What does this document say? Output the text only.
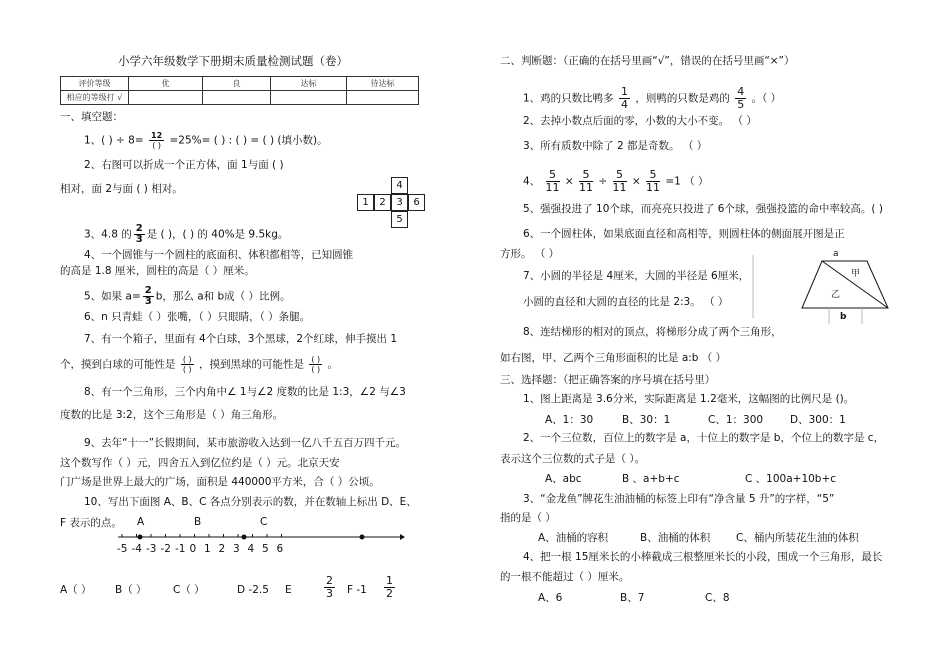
小学六年级数学下册期末质量检测试题（卷）
评价等级	优	良	达标	待达标
相应的等级打 √				
一、填空题：
1、( ) ÷ $8= \frac{12}{( )} =25\%=$ ( ) : ( ) = ( ) (填小数)。
2、右图可以折成一个正方体，面 1与面 ( )
相对，面 2与面 ( ) 相对。	4
1	2	3	6
5
3、4.8 的 $\frac{2}{3}$ 是 ( )，( ) 的 40%是 9.5kg。
4、一个圆锥与一个圆柱的底面积、体积都相等，已知圆锥
的高是 1.8 厘米，圆柱的高是（ ）厘米。
5、如果 $a= \frac{2}{3}$ b，那么 a和 b成（ ）比例。
6、n 只青蛙（ ）张嘴，（ ）只眼睛，（ ）条腿。
7、有一个箱子，里面有 4个白球，3个黑球，2个红球，伸手摸出 1
个，摸到白球的可能性是 $\frac{( )}{( )}$ ，摸到黑球的可能性是 $\frac{( )}{( )}$ 。
8、有一个三角形，三个内角中∠ 1与∠2 度数的比是 1:3，∠2 与∠3
度数的比是 3:2，这个三角形是（ ）角三角形。
9、去年“十一”长假期间，某市旅游收入达到一亿八千五百万四千元。
这个数写作（ ）元，四舍五入到亿位约是（ ）元。北京天安
门广场是世界上最大的广场，面积是 440000平方米，合（ ）公顷。
10、写出下面图 A、B、C 各点分别表示的数，并在数轴上标出 D、E、
F 表示的点。 A	B	C
-5 -4 -3 -2 -1 0 1 2 3 4 5 6
A（ ） B（ ）	C（ ）	D -2.5 E	$\frac{2}{3}$ F $-1 \frac{1}{2}$
二、判断题：（正确的在括号里画“√”，错误的在括号里画“×”）
1、鸡的只数比鸭多 $\frac{1}{4}$ ，则鸭的只数是鸡的 $\frac{4}{5}$ 。（ ）
2、去掉小数点后面的零，小数的大小不变。 （ ）
3、所有质数中除了 2 都是奇数。 （ ）
4、 $\frac{5}{11} \times \frac{5}{11} \div \frac{5}{11} \times \frac{5}{11} =1$ （ ）
5、强强投进了 10个球，而亮亮只投进了 6个球，强强投篮的命中率较高。( )
6、一个圆柱体，如果底面直径和高相等，则圆柱体的侧面展开图是正
方形。 （ ）
7、小圆的半径是 4厘米，大圆的半径是 6厘米，
小圆的直径和大圆的直径的比是 2:3。 （ ）
8、连结梯形的相对的顶点，将梯形分成了两个三角形，
a
甲
乙
b
如右图，甲、乙两个三角形面积的比是 a:b （ ）
三、选择题：（把正确答案的序号填在括号里）
1、图上距离是 3.6分米，实际距离是 1.2毫米，这幅图的比例尺是 ()。
A、1：30	B、30：1	C、1：300	D、300：1
2、一个三位数，百位上的数字是 a，十位上的数字是 b，个位上的数字是 c，
表示这个三位数的式子是（ ）。
A、abc	B 、a+b+c	C 、100a+10b+c
3、“金龙鱼”牌花生油油桶的标签上印有“净含量 5 升”的字样，“5”
指的是（ ）
A、油桶的容积	B、油桶的体积 C、桶内所装花生油的体积
4、把一根 15厘米长的小棒截成三根整厘米长的小段，围成一个三角形，最长
的一根不能超过（ ）厘米。
A、6	B、7	C、8
